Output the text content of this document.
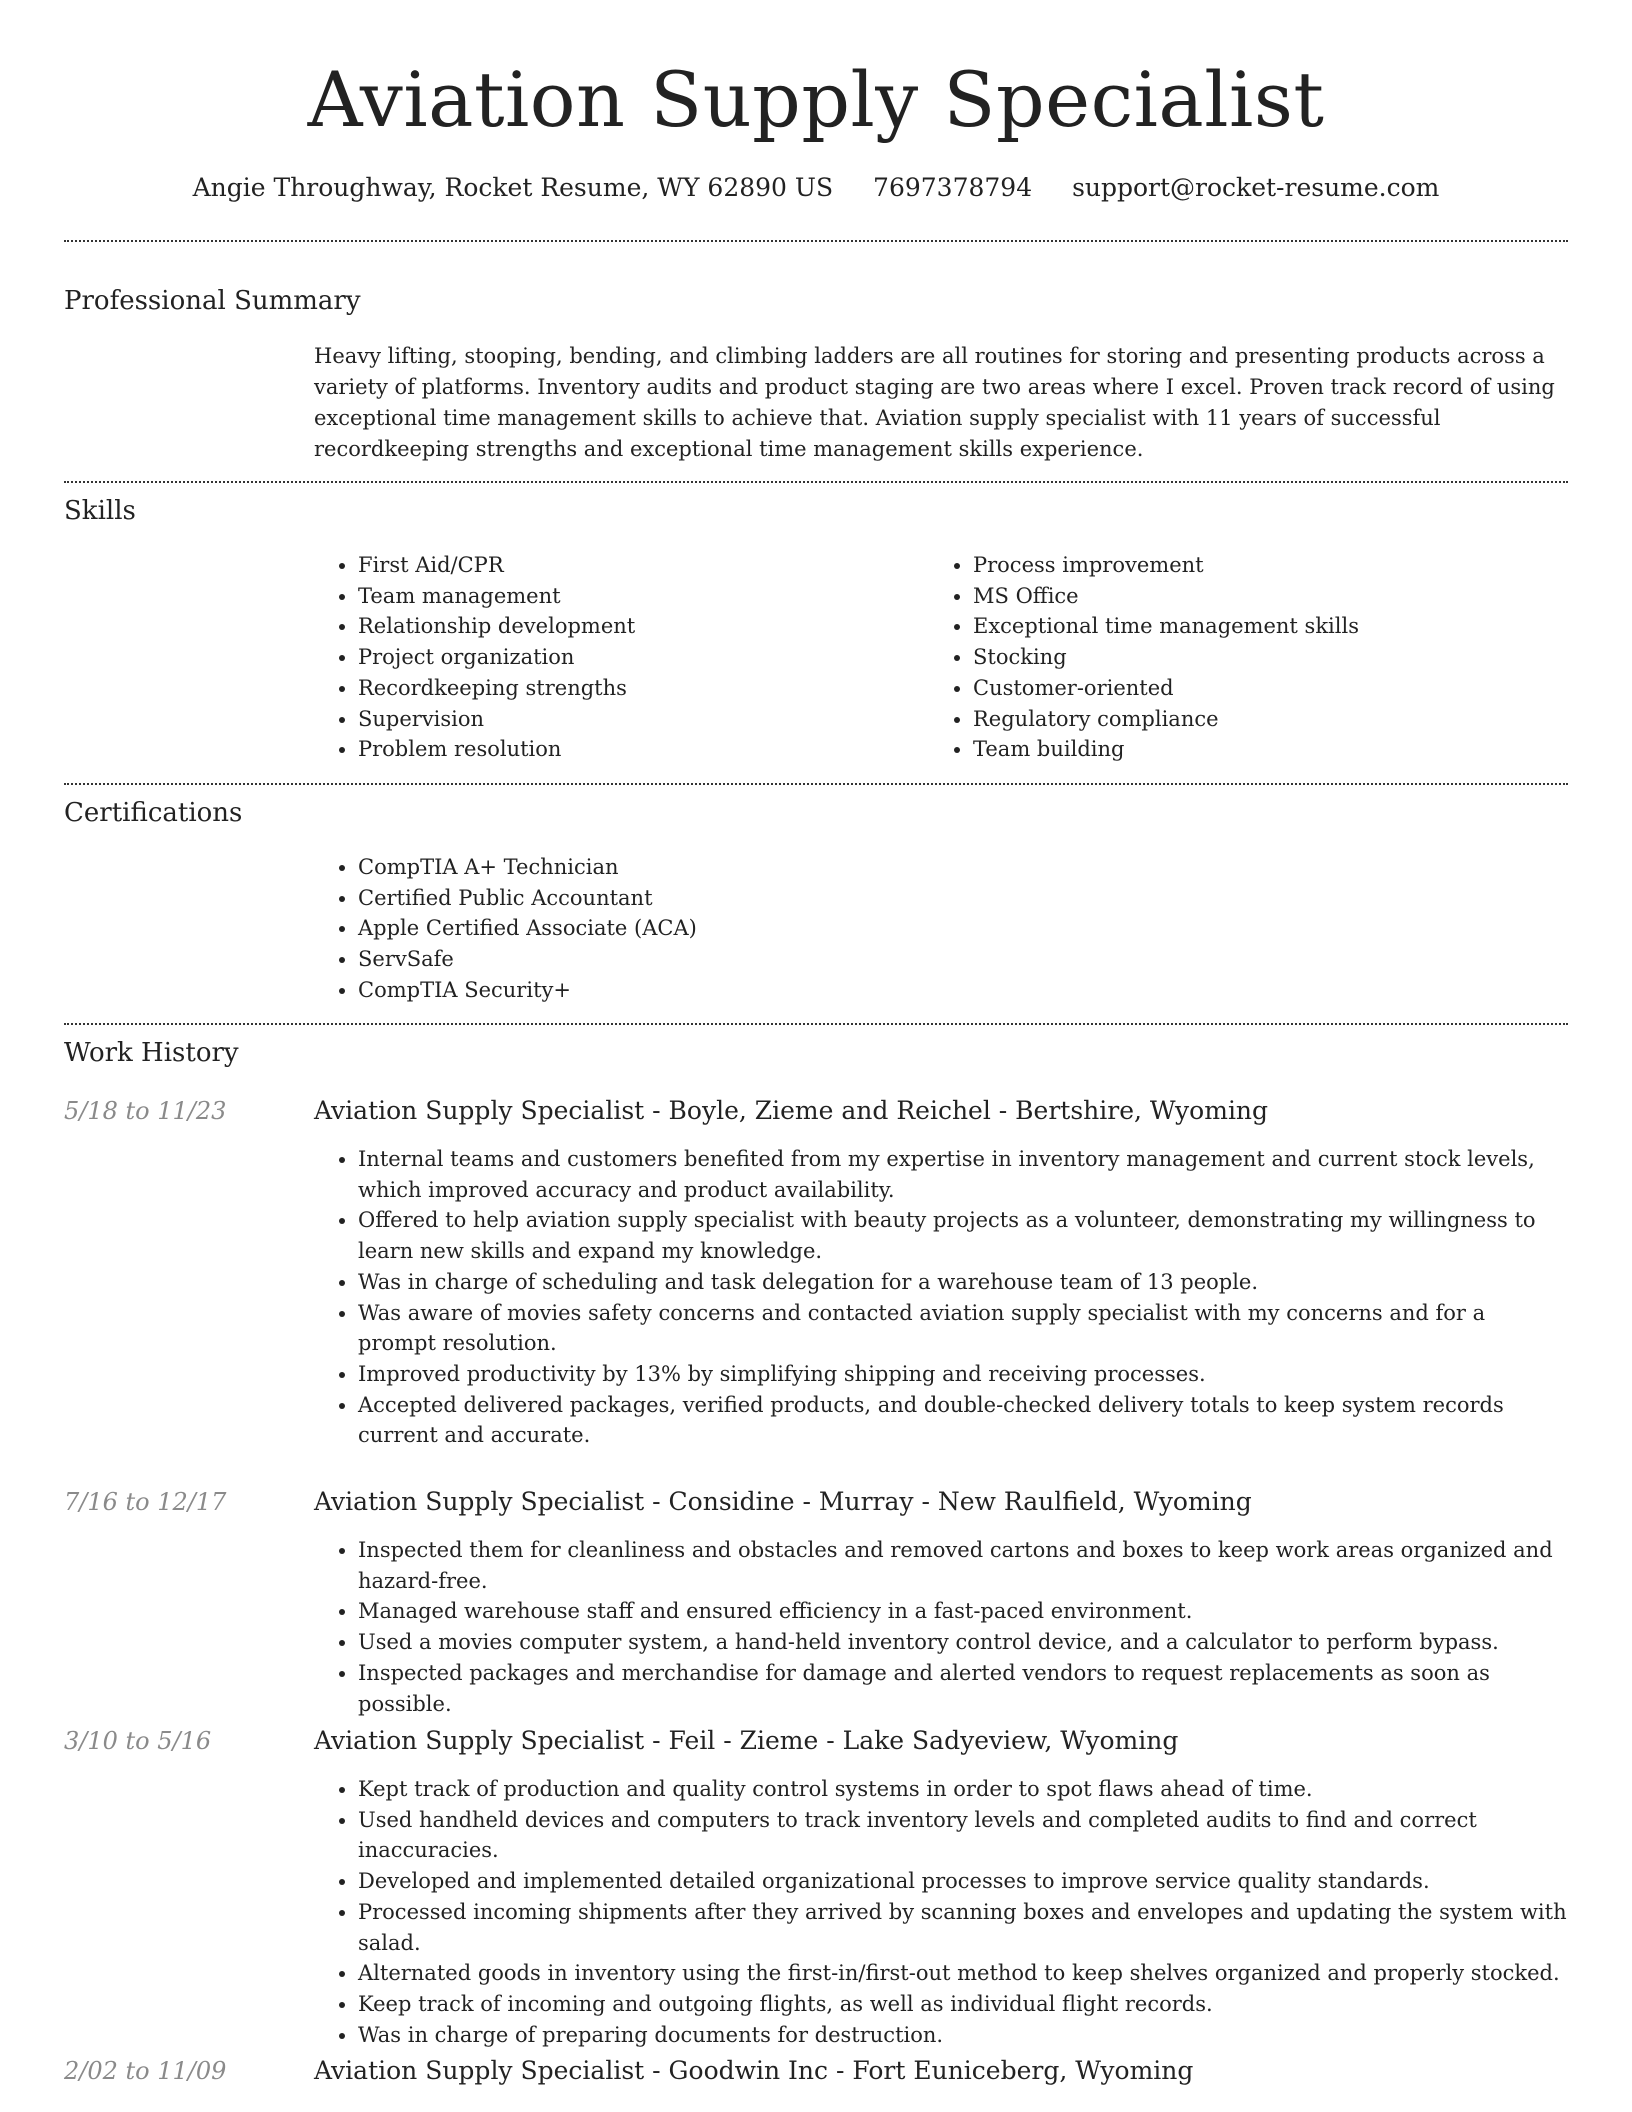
Aviation Supply Specialist
Angie Throughway, Rocket Resume, WY 62890 US 7697378794 support@rocket-resume.com
Professional Summary
Heavy lifting, stooping, bending, and climbing ladders are all routines for storing and presenting products across a variety of platforms. Inventory audits and product staging are two areas where I excel. Proven track record of using exceptional time management skills to achieve that. Aviation supply specialist with 11 years of successful recordkeeping strengths and exceptional time management skills experience.
Skills
• First Aid/CPR
• Team management
• Relationship development
• Project organization
• Recordkeeping strengths
• Supervision
• Problem resolution
• Process improvement
• MS Office
• Exceptional time management skills
• Stocking
• Customer-oriented
• Regulatory compliance
• Team building
Certifications
• CompTIA A+ Technician
• Certified Public Accountant
• Apple Certified Associate (ACA)
• ServSafe
• CompTIA Security+
Work History
5/18 to 11/23	Aviation Supply Specialist - Boyle, Zieme and Reichel - Bertshire, Wyoming
• Internal teams and customers benefited from my expertise in inventory management and current stock levels, which improved accuracy and product availability.
• Offered to help aviation supply specialist with beauty projects as a volunteer, demonstrating my willingness to learn new skills and expand my knowledge.
• Was in charge of scheduling and task delegation for a warehouse team of 13 people.
• Was aware of movies safety concerns and contacted aviation supply specialist with my concerns and for a prompt resolution.
• Improved productivity by 13% by simplifying shipping and receiving processes.
• Accepted delivered packages, verified products, and double-checked delivery totals to keep system records current and accurate.
7/16 to 12/17	Aviation Supply Specialist - Considine - Murray - New Raulfield, Wyoming
• Inspected them for cleanliness and obstacles and removed cartons and boxes to keep work areas organized and hazard-free.
• Managed warehouse staff and ensured efficiency in a fast-paced environment.
• Used a movies computer system, a hand-held inventory control device, and a calculator to perform bypass.
• Inspected packages and merchandise for damage and alerted vendors to request replacements as soon as possible.
3/10 to 5/16	Aviation Supply Specialist - Feil - Zieme - Lake Sadyeview, Wyoming
• Kept track of production and quality control systems in order to spot flaws ahead of time.
• Used handheld devices and computers to track inventory levels and completed audits to find and correct inaccuracies.
• Developed and implemented detailed organizational processes to improve service quality standards.
• Processed incoming shipments after they arrived by scanning boxes and envelopes and updating the system with salad.
• Alternated goods in inventory using the first-in/first-out method to keep shelves organized and properly stocked.
• Keep track of incoming and outgoing flights, as well as individual flight records.
• Was in charge of preparing documents for destruction.
2/02 to 11/09	Aviation Supply Specialist - Goodwin Inc - Fort Euniceberg, Wyoming
